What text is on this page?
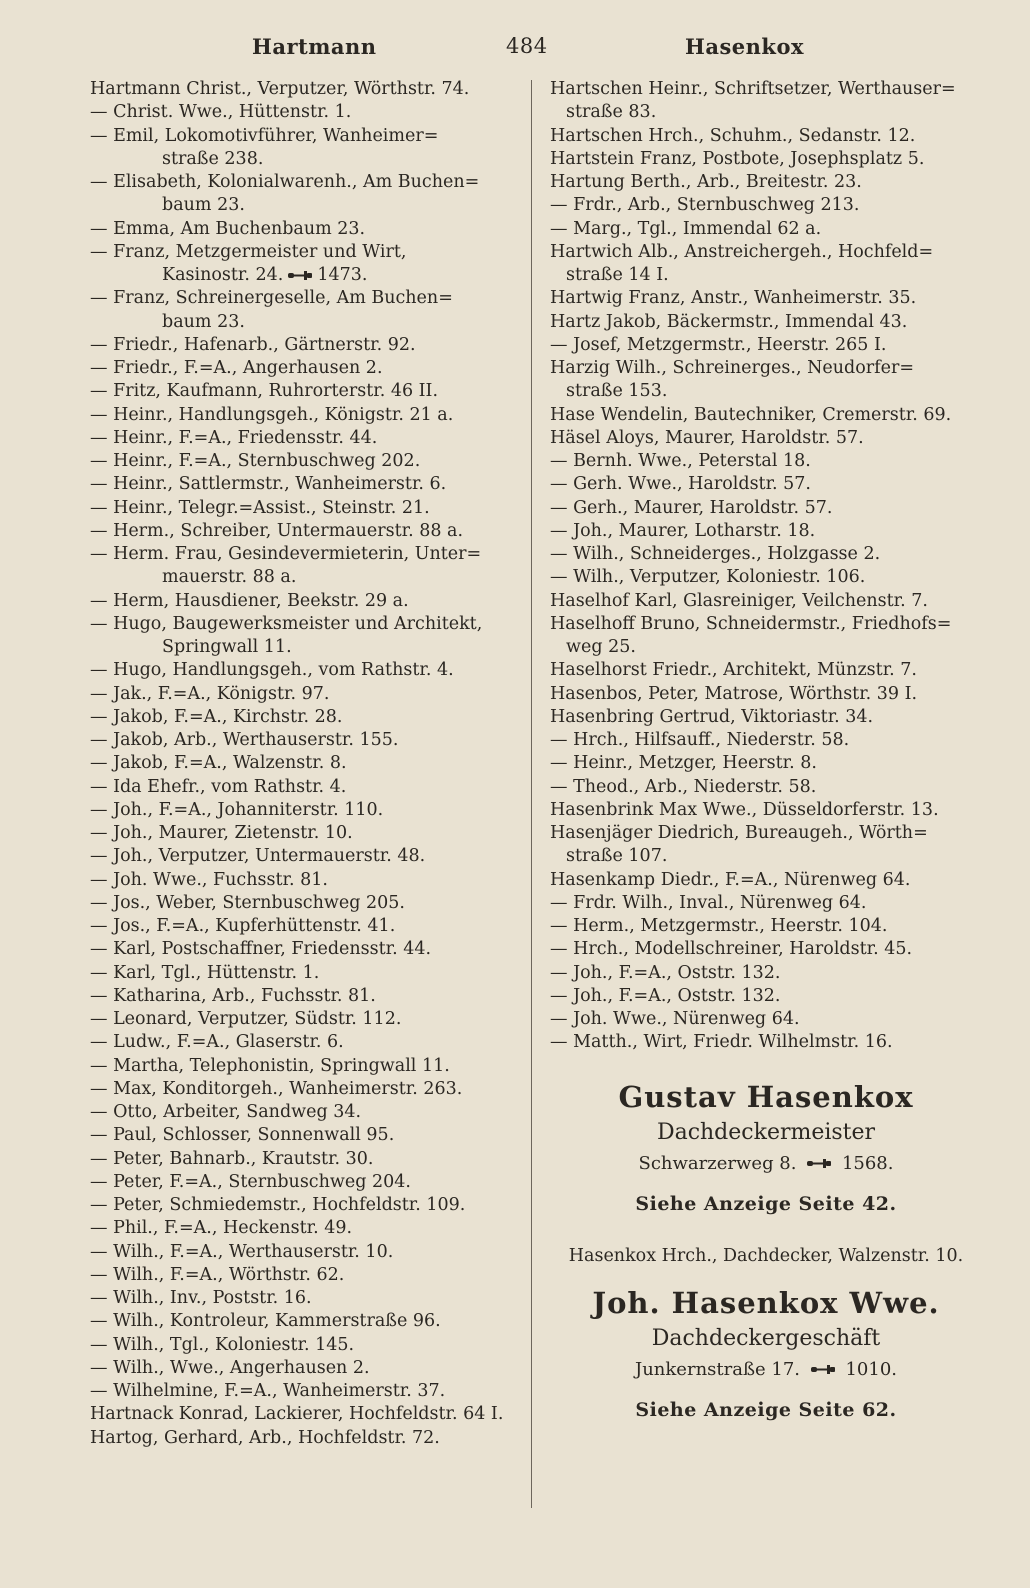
Hartmann	484	Hasenkox
Hartmann Christ., Verputzer, Wörthstr. 74.
— Christ. Wwe., Hüttenstr. 1.
— Emil, Lokomotivführer, Wanheimer=
straße 238.
— Elisabeth, Kolonialwarenh., Am Buchen=
baum 23.
— Emma, Am Buchenbaum 23.
— Franz, Metzgermeister und Wirt,
Kasinostr. 24. 1473.
— Franz, Schreinergeselle, Am Buchen=
baum 23.
— Friedr., Hafenarb., Gärtnerstr. 92.
— Friedr., F.=A., Angerhausen 2.
— Fritz, Kaufmann, Ruhrorterstr. 46 II.
— Heinr., Handlungsgeh., Königstr. 21 a.
— Heinr., F.=A., Friedensstr. 44.
— Heinr., F.=A., Sternbuschweg 202.
— Heinr., Sattlermstr., Wanheimerstr. 6.
— Heinr., Telegr.=Assist., Steinstr. 21.
— Herm., Schreiber, Untermauerstr. 88 a.
— Herm. Frau, Gesindevermieterin, Unter=
mauerstr. 88 a.
— Herm, Hausdiener, Beekstr. 29 a.
— Hugo, Baugewerksmeister und Architekt,
Springwall 11.
— Hugo, Handlungsgeh., vom Rathstr. 4.
— Jak., F.=A., Königstr. 97.
— Jakob, F.=A., Kirchstr. 28.
— Jakob, Arb., Werthauserstr. 155.
— Jakob, F.=A., Walzenstr. 8.
— Ida Ehefr., vom Rathstr. 4.
— Joh., F.=A., Johanniterstr. 110.
— Joh., Maurer, Zietenstr. 10.
— Joh., Verputzer, Untermauerstr. 48.
— Joh. Wwe., Fuchsstr. 81.
— Jos., Weber, Sternbuschweg 205.
— Jos., F.=A., Kupferhüttenstr. 41.
— Karl, Postschaffner, Friedensstr. 44.
— Karl, Tgl., Hüttenstr. 1.
— Katharina, Arb., Fuchsstr. 81.
— Leonard, Verputzer, Südstr. 112.
— Ludw., F.=A., Glaserstr. 6.
— Martha, Telephonistin, Springwall 11.
— Max, Konditorgeh., Wanheimerstr. 263.
— Otto, Arbeiter, Sandweg 34.
— Paul, Schlosser, Sonnenwall 95.
— Peter, Bahnarb., Krautstr. 30.
— Peter, F.=A., Sternbuschweg 204.
— Peter, Schmiedemstr., Hochfeldstr. 109.
— Phil., F.=A., Heckenstr. 49.
— Wilh., F.=A., Werthauserstr. 10.
— Wilh., F.=A., Wörthstr. 62.
— Wilh., Inv., Poststr. 16.
— Wilh., Kontroleur, Kammerstraße 96.
— Wilh., Tgl., Koloniestr. 145.
— Wilh., Wwe., Angerhausen 2.
— Wilhelmine, F.=A., Wanheimerstr. 37.
Hartnack Konrad, Lackierer, Hochfeldstr. 64 I.
Hartog, Gerhard, Arb., Hochfeldstr. 72.
Hartschen Heinr., Schriftsetzer, Werthauser=
straße 83.
Hartschen Hrch., Schuhm., Sedanstr. 12.
Hartstein Franz, Postbote, Josephsplatz 5.
Hartung Berth., Arb., Breitestr. 23.
— Frdr., Arb., Sternbuschweg 213.
— Marg., Tgl., Immendal 62 a.
Hartwich Alb., Anstreichergeh., Hochfeld=
straße 14 I.
Hartwig Franz, Anstr., Wanheimerstr. 35.
Hartz Jakob, Bäckermstr., Immendal 43.
— Josef, Metzgermstr., Heerstr. 265 I.
Harzig Wilh., Schreinerges., Neudorfer=
straße 153.
Hase Wendelin, Bautechniker, Cremerstr. 69.
Häsel Aloys, Maurer, Haroldstr. 57.
— Bernh. Wwe., Peterstal 18.
— Gerh. Wwe., Haroldstr. 57.
— Gerh., Maurer, Haroldstr. 57.
— Joh., Maurer, Lotharstr. 18.
— Wilh., Schneiderges., Holzgasse 2.
— Wilh., Verputzer, Koloniestr. 106.
Haselhof Karl, Glasreiniger, Veilchenstr. 7.
Haselhoff Bruno, Schneidermstr., Friedhofs=
weg 25.
Haselhorst Friedr., Architekt, Münzstr. 7.
Hasenbos, Peter, Matrose, Wörthstr. 39 I.
Hasenbring Gertrud, Viktoriastr. 34.
— Hrch., Hilfsauff., Niederstr. 58.
— Heinr., Metzger, Heerstr. 8.
— Theod., Arb., Niederstr. 58.
Hasenbrink Max Wwe., Düsseldorferstr. 13.
Hasenjäger Diedrich, Bureaugeh., Wörth=
straße 107.
Hasenkamp Diedr., F.=A., Nürenweg 64.
— Frdr. Wilh., Inval., Nürenweg 64.
— Herm., Metzgermstr., Heerstr. 104.
— Hrch., Modellschreiner, Haroldstr. 45.
— Joh., F.=A., Oststr. 132.
— Joh., F.=A., Oststr. 132.
— Joh. Wwe., Nürenweg 64.
— Matth., Wirt, Friedr. Wilhelmstr. 16.
Gustav Hasenkox
Dachdeckermeister
Schwarzerweg 8.	1568.
Siehe Anzeige Seite 42.
Hasenkox Hrch., Dachdecker, Walzenstr. 10.
Joh. Hasenkox Wwe.
Dachdeckergeschäft
Junkernstraße 17.	1010.
Siehe Anzeige Seite 62.
